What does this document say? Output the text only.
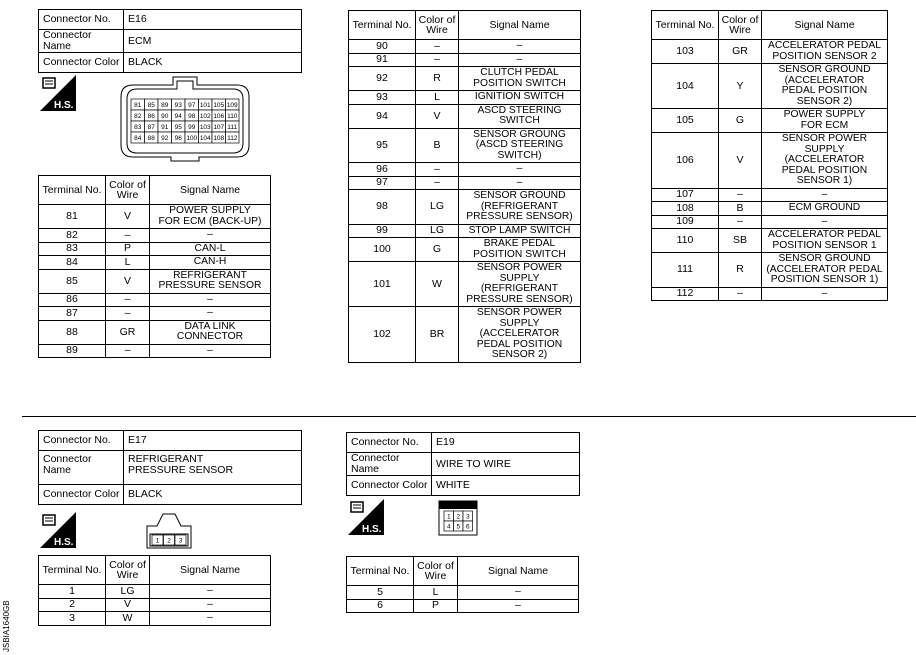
Connector No.	E16
Connector Name	ECM
Connector Color	BLACK
H.S.	81 85 89 93 97 101 105 109
82 86 90 94 98 102 106 110
83 87 91 95 99 103 107 111
84 88 92 96 100 104 108 112
Terminal No.	Color of Wire	Signal Name
81	V	POWER SUPPLY
FOR ECM (BACK-UP)
82	–	–
83	P	CAN-L
84	L	CAN-H
85	V	REFRIGERANT
PRESSURE SENSOR
86	–	–
87	–	–
88	GR	DATA LINK
CONNECTOR
89	–	–
Terminal No.	Color of Wire	Signal Name
90	–	–
91	–	–
92	R	CLUTCH PEDAL
POSITION SWITCH
93	L	IGNITION SWITCH
94	V	ASCD STEERING
SWITCH
95	B	SENSOR GROUNG
(ASCD STEERING
SWITCH)
96	–	–
97	–	–
98	LG	SENSOR GROUND
(REFRIGERANT
PRESSURE SENSOR)
99	LG	STOP LAMP SWITCH
100	G	BRAKE PEDAL
POSITION SWITCH
101	W	SENSOR POWER
SUPPLY
(REFRIGERANT
PRESSURE SENSOR)
102	BR	SENSOR POWER
SUPPLY
(ACCELERATOR
PEDAL POSITION
SENSOR 2)
Terminal No.	Color of Wire	Signal Name
103	GR	ACCELERATOR PEDAL
POSITION SENSOR 2
104	Y	SENSOR GROUND
(ACCELERATOR
PEDAL POSITION
SENSOR 2)
105	G	POWER SUPPLY
FOR ECM
106	V	SENSOR POWER
SUPPLY
(ACCELERATOR
PEDAL POSITION
SENSOR 1)
107	–	–
108	B	ECM GROUND
109	–	–
110	SB	ACCELERATOR PEDAL
POSITION SENSOR 1
111	R	SENSOR GROUND
(ACCELERATOR PEDAL
POSITION SENSOR 1)
112	–	–
Connector No.	E17
Connector Name	REFRIGERANT
PRESSURE SENSOR
Connector Color	BLACK
H.S.	1 2 3
Terminal No.	Color of Wire	Signal Name
1	LG	–
2	V	–
3	W	–
Connector No.	E19
Connector Name	WIRE TO WIRE
Connector Color	WHITE
H.S.
1 2 3
4 5 6
Terminal No.	Color of Wire	Signal Name
5	L	–
6	P	–
JSBIA1640GB
